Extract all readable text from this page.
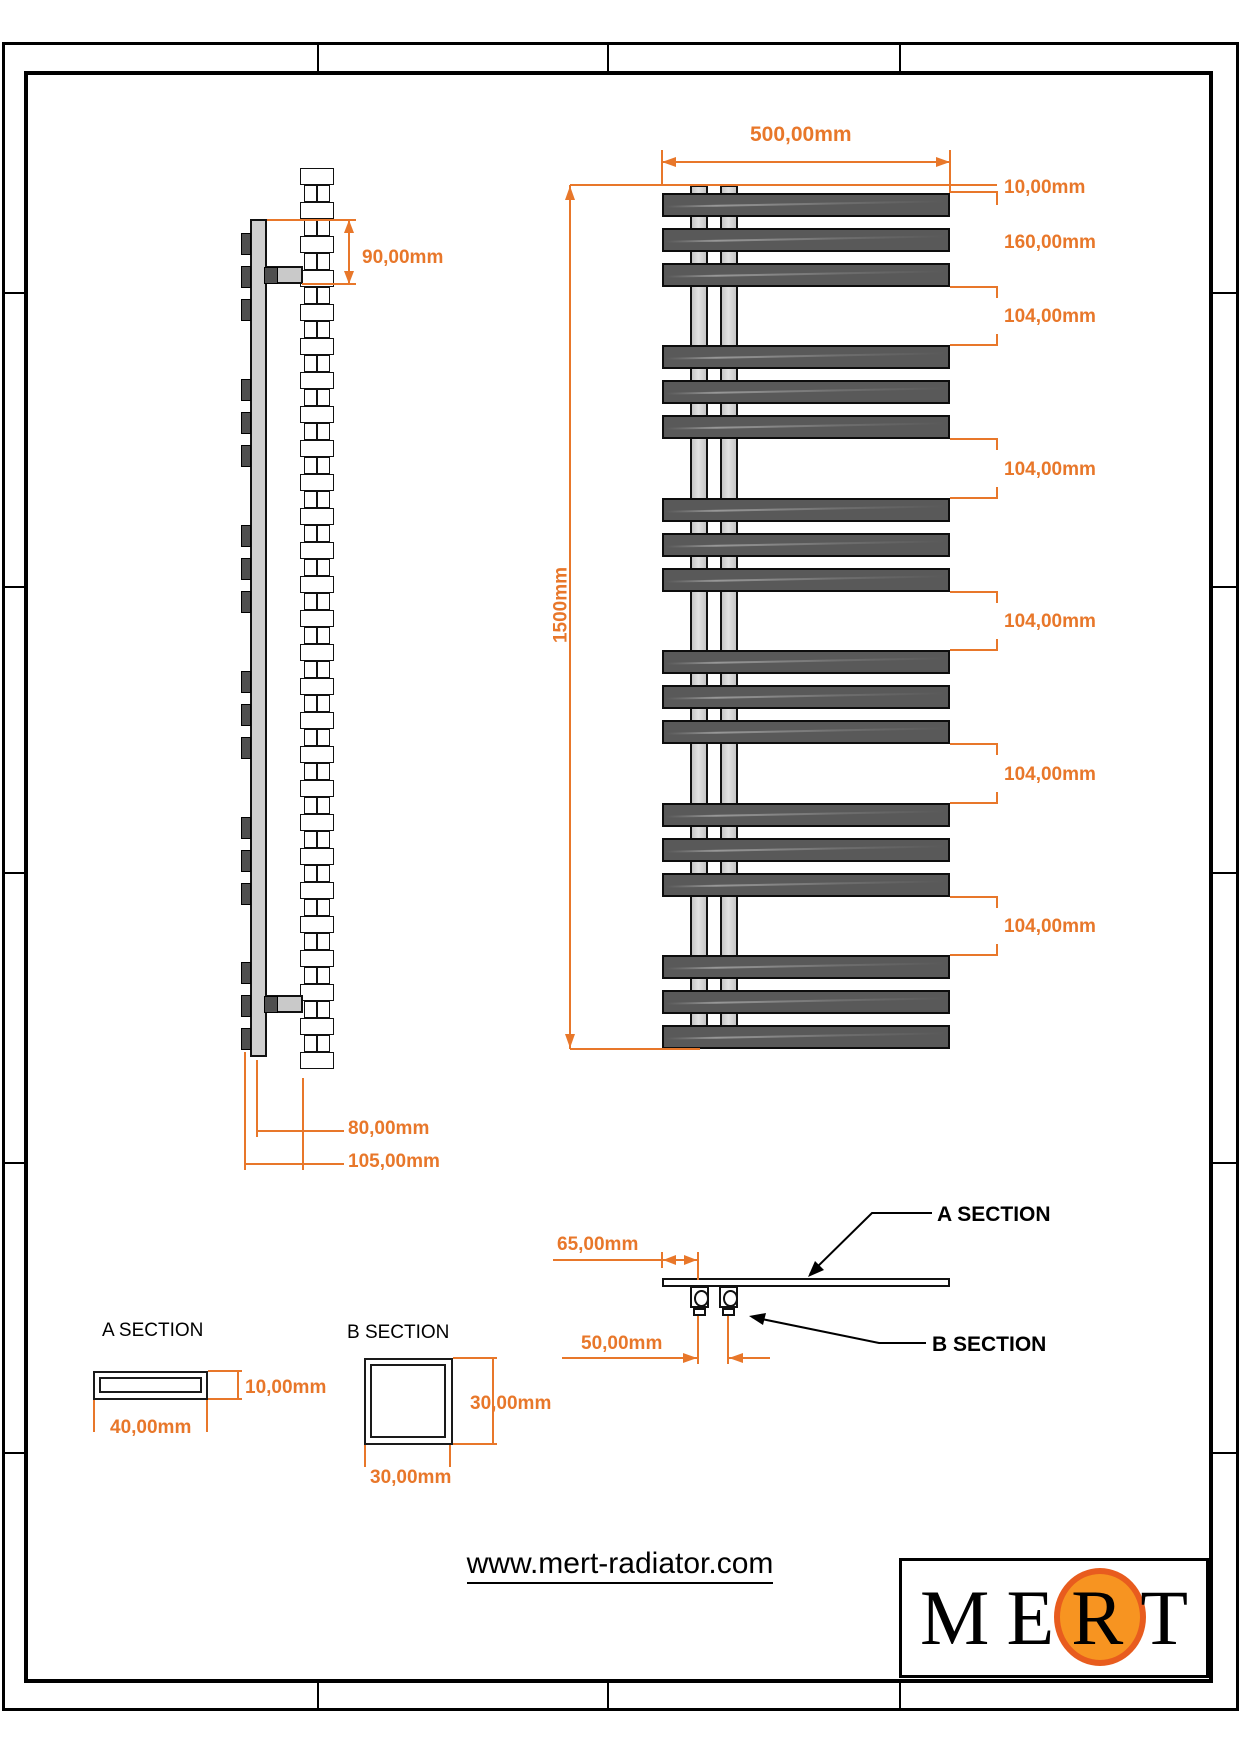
90,00mm
80,00mm
105,00mm
500,00mm
1500mm
10,00mm
160,00mm
104,00mm
104,00mm
104,00mm
104,00mm
104,00mm
65,00mm
50,00mm
A SECTION
B SECTION
A SECTION
10,00mm
40,00mm
B SECTION
30,00mm
30,00mm
www.mert-radiator.com
M E R T
